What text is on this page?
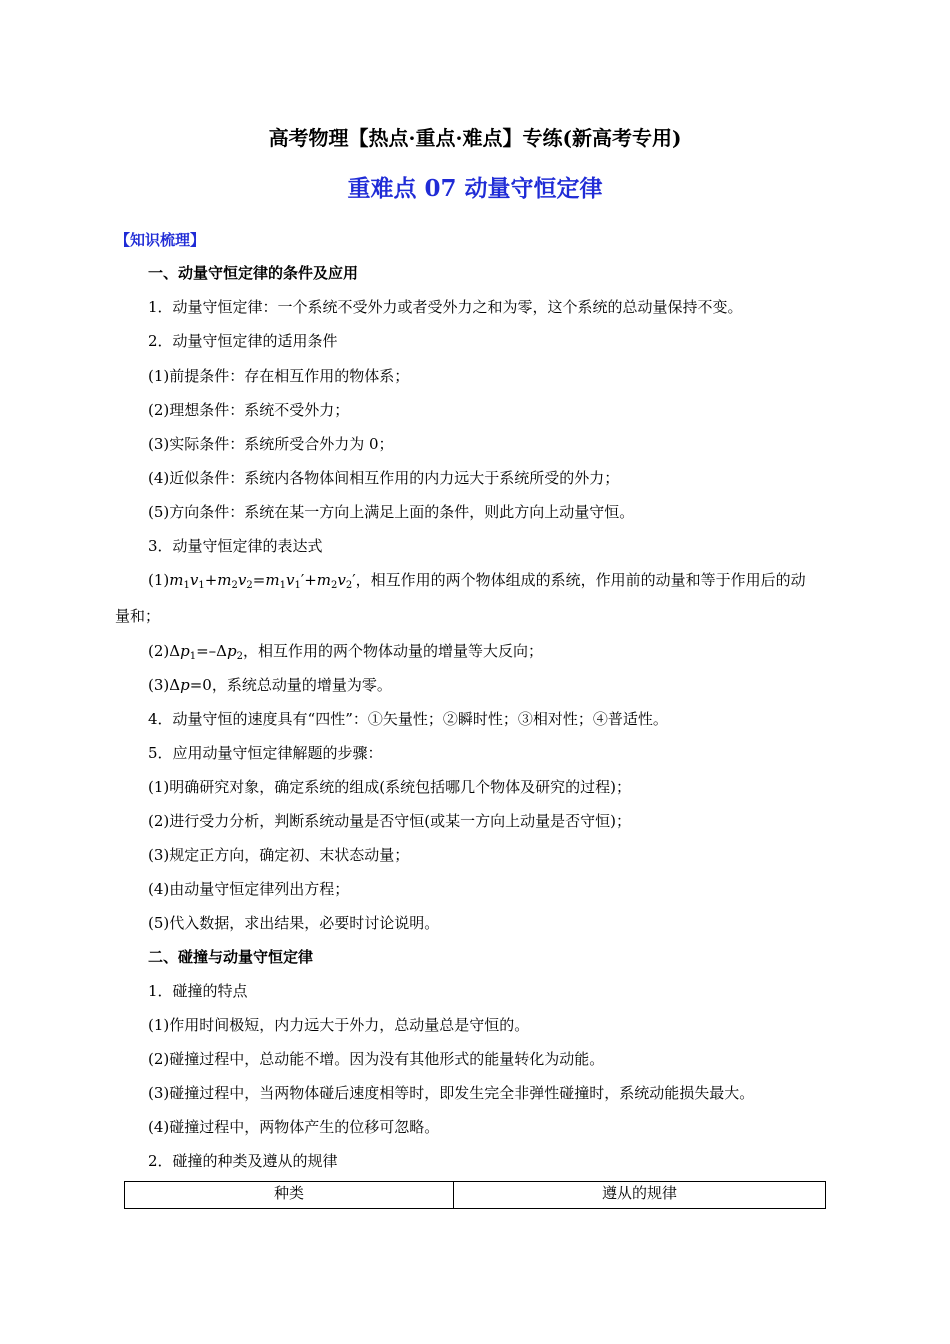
高考物理【热点·重点·难点】专练(新高考专用)
重难点 07 动量守恒定律
【知识梳理】
一、动量守恒定律的条件及应用
1．动量守恒定律：一个系统不受外力或者受外力之和为零，这个系统的总动量保持不变。
2．动量守恒定律的适用条件
(1)前提条件：存在相互作用的物体系；
(2)理想条件：系统不受外力；
(3)实际条件：系统所受合外力为 0；
(4)近似条件：系统内各物体间相互作用的内力远大于系统所受的外力；
(5)方向条件：系统在某一方向上满足上面的条件，则此方向上动量守恒。
3．动量守恒定律的表达式
$(1)m_1v_1+m_2v_2=m_1v_1'+m_2v_2'$，相互作用的两个物体组成的系统，作用前的动量和等于作用后的动
量和；
$(2)\Delta p_1=-\Delta p_2$，相互作用的两个物体动量的增量等大反向；
(3)Δp=0，系统总动量的增量为零。
4．动量守恒的速度具有“四性”：①矢量性；②瞬时性；③相对性；④普适性。
5．应用动量守恒定律解题的步骤：
(1)明确研究对象，确定系统的组成(系统包括哪几个物体及研究的过程)；
(2)进行受力分析，判断系统动量是否守恒(或某一方向上动量是否守恒)；
(3)规定正方向，确定初、末状态动量；
(4)由动量守恒定律列出方程；
(5)代入数据，求出结果，必要时讨论说明。
二、碰撞与动量守恒定律
1．碰撞的特点
(1)作用时间极短，内力远大于外力，总动量总是守恒的。
(2)碰撞过程中，总动能不增。因为没有其他形式的能量转化为动能。
(3)碰撞过程中，当两物体碰后速度相等时，即发生完全非弹性碰撞时，系统动能损失最大。
(4)碰撞过程中，两物体产生的位移可忽略。
2．碰撞的种类及遵从的规律
种类	遵从的规律
